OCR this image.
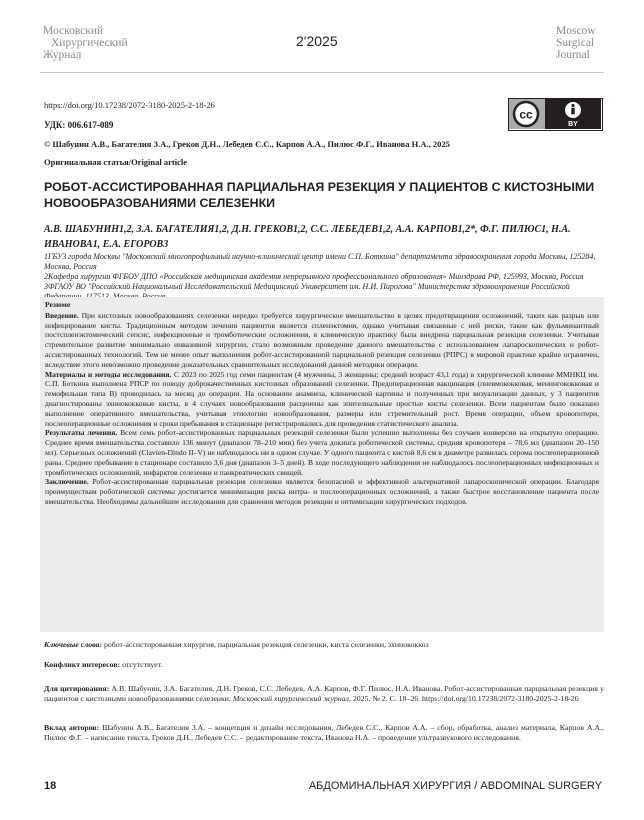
Московский
Хирургический
Журнал
2'2025
Moscow
Surgical
Journal
https://doi.org/10.17238/2072-3180-2025-2-18-26
УДК: 006.617-089
cc
BY
© Шабунин А.В., Багателия З.А., Греков Д.Н., Лебедев С.С., Карпов А.А., Пилюс Ф.Г., Иванова Н.А., 2025
Оригинальная статья/Original article
РОБОТ-АССИСТИРОВАННАЯ ПАРЦИАЛЬНАЯ РЕЗЕКЦИЯ У ПАЦИЕНТОВ С КИСТОЗНЫМИ НОВООБРАЗОВАНИЯМИ СЕЛЕЗЕНКИ
А.В. ШАБУНИН1,2, З.А. БАГАТЕЛИЯ1,2, Д.Н. ГРЕКОВ1,2, С.С. ЛЕБЕДЕВ1,2, А.А. КАРПОВ1,2*, Ф.Г. ПИЛЮС1, Н.А. ИВАНОВА1, Е.А. ЕГОРОВ3

1ГБУЗ города Москвы "Московский многопрофильный научно-клинический центр имени С.П. Боткина" департамента здравоохранения города Москвы, 125284, Москва, Россия

2Кафедра хирургии ФГБОУ ДПО «Российская медицинская академия непрерывного профессионального образования» Минздрава РФ, 125993, Москва, Россия

3ФГАОУ ВО "Российский Национальный Исследовательский Медицинский Университет им. Н.И. Пирогова" Министерства здравоохранения Российской

Резюме

Введение. При кистозных новообразованиях селезенки нередко требуется хирургическое вмешательство в целях предотвращения осложнений, таких как разрыв или инфицирование кисты. Традиционным методом лечения пациентов является спленэктомия, однако учитывая связанные с ней риски, такие как фульминантный постспленэктомический сепсис, инфекционные и тромботические осложнения, в клиническую практику была внедрена парциальная резекция селезенки. Учитывая стремительное развитие минимально инвазивной хирургии, стало возможным проведение данного вмешательства с использованием лапароскопических и робот-ассистированных технологий. Тем не менее опыт выполнения робот-ассистированной парциальной резекция селезенки (РПРС) в мировой практике крайне ограничен, вследствие этого невозможно проведение доказательных сравнительных исследований данной методики операции.

Материалы и методы исследования. С 2023 по 2025 год семи пациентам (4 мужчины, 3 женщины; средний возраст 43,1 года) в хирургической клинике ММНКЦ им. С.П. Боткина выполнена РПСР по поводу доброкачественных кистозных образований селезенки. Предоперационная вакцинация (пневмококковая, менингококковая и гемофильная типа В) проводилась за месяц до операции. На основании анамнеза, клинической картины и полученных при визуализации данных, у 3 пациентов диагностированы эхинококковые кисты, в 4 случаях новообразования расценены как эпителиальные простые кисты селезенки. Всем пациентам было показано выполнение оперативного вмешательства, учитывая этиологию новообразования, размеры или стремительный рост. Время операции, объем кровопотери, послеоперационные осложнения и сроки пребывания в стационаре регистрировались для проведения статистического анализа.

Результаты лечения. Всем семь робот-ассистированных парциальных резекций селезенки были успешно выполнены без случаев конверсии на открытую операцию. Среднее время вмешательства составило 136 минут (диапазон 78–210 мин) без учета докинга роботической системы, средняя кровопотеря – 78,6 мл (диапазон 20–150 мл). Серьезных осложнений (Clavien-Dindo II–V) не наблюдалось ни в одном случае. У одного пациента с кистой 8,6 см в диаметре развилась серома послеоперационной раны. Среднее пребывание в стационаре составило 3,6 дня (диапазон 3–5 дней). В ходе последующего наблюдения не наблюдалось послеоперационных инфекционных и тромботических осложнений, инфарктов селезенки и панкреатических свищей.

Заключение. Робот-ассистированная парциальная резекция селезенки является безопасной и эффективной альтернативой лапароскопической операции. Благодаря преимуществам роботической системы достигается минимизация риска интра- и послеоперационных осложнений, а также быстрое восстановление пациента после вмешательства. Необходимы дальнейшие исследования для сравнения методов резекции и оптимизации хирургических подходов.

Ключевые слова: робот-ассистированная хирургия, парциальная резекция селезенки, киста селезенки, эхинококкоз
Конфликт интересов: отсутствует.
Для цитирования: А.В. Шабунин, З.А. Багателия, Д.Н. Греков, С.С. Лебедев, А.А. Карпов, Ф.Г. Пилюс, Н.А. Иванова. Робот-ассистированная парциальная резекция у пациентов с кистозными новообразованиями селезенки. Московский хирургический журнал, 2025. № 2. С. 18–26. https://doi.org/10.17238/2072-3180-2025-2-18-26
Вклад авторов: Шабунин А.В., Багателия З.А. – концепция и дизайн исследования, Лебедев С.С., Карпов А.А. – сбор, обработка, анализ материала, Карпов А.А., Пилюс Ф.Г. – написание текста, Греков Д.Н., Лебедев С.С. – редактирование текста, Иванова Н.А. – проведение ультразвукового исследования.
18	АБДОМИНАЛЬНАЯ ХИРУРГИЯ / ABDOMINAL SURGERY
